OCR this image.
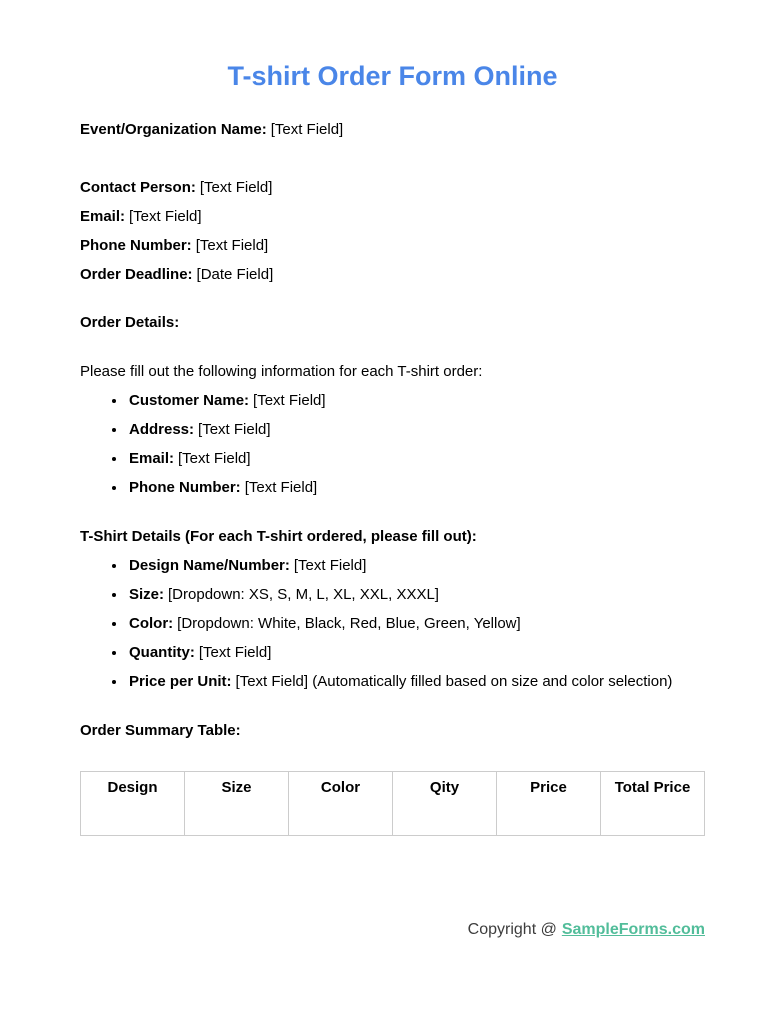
T-shirt Order Form Online

Event/Organization Name: [Text Field]

Contact Person: [Text Field]

Email: [Text Field]

Phone Number: [Text Field]

Order Deadline: [Date Field]

Order Details:

Please fill out the following information for each T-shirt order:

• Customer Name: [Text Field]
• Address: [Text Field]
• Email: [Text Field]
• Phone Number: [Text Field]
T-Shirt Details (For each T-shirt ordered, please fill out):
• Design Name/Number: [Text Field]
• Size: [Dropdown: XS, S, M, L, XL, XXL, XXXL]
• Color: [Dropdown: White, Black, Red, Blue, Green, Yellow]
• Quantity: [Text Field]
• Price per Unit: [Text Field] (Automatically filled based on size and color selection)
Order Summary Table:
Design	Size	Color	Qity	Price	Total Price
Copyright @ SampleForms.com
